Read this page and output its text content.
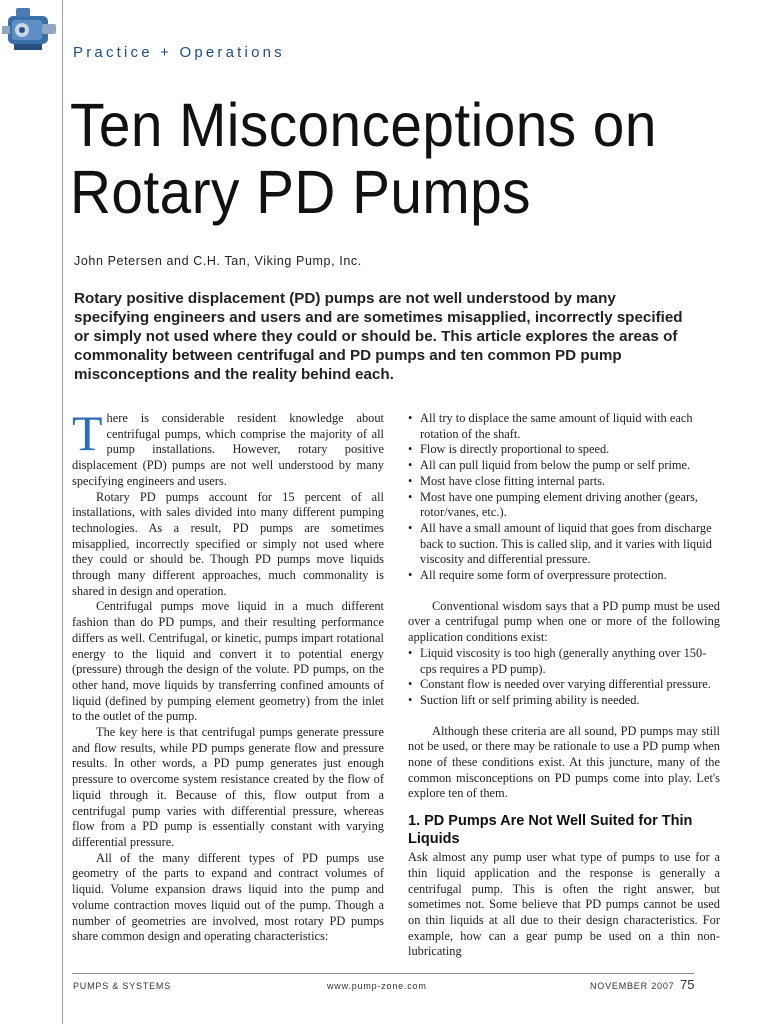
Practice + Operations
Ten Misconceptions on Rotary PD Pumps
John Petersen and C.H. Tan, Viking Pump, Inc.
Rotary positive displacement (PD) pumps are not well understood by many specifying engineers and users and are sometimes misapplied, incorrectly specified or simply not used where they could or should be. This article explores the areas of commonality between centrifugal and PD pumps and ten common PD pump misconceptions and the reality behind each.

There is considerable resident knowledge about centrifugal pumps, which comprise the majority of all pump installations. However, rotary positive displacement (PD) pumps are not well understood by many specifying engineers and users.

Rotary PD pumps account for 15 percent of all installations, with sales divided into many different pumping technologies. As a result, PD pumps are sometimes misapplied, incorrectly specified or simply not used where they could or should be. Though PD pumps move liquids through many different approaches, much commonality is shared in design and operation.

Centrifugal pumps move liquid in a much different fashion than do PD pumps, and their resulting performance differs as well. Centrifugal, or kinetic, pumps impart rotational energy to the liquid and convert it to potential energy (pressure) through the design of the volute. PD pumps, on the other hand, move liquids by transferring confined amounts of liquid (defined by pumping element geometry) from the inlet to the outlet of the pump.

The key here is that centrifugal pumps generate pressure and flow results, while PD pumps generate flow and pressure results. In other words, a PD pump generates just enough pressure to overcome system resistance created by the flow of liquid through it. Because of this, flow output from a centrifugal pump varies with differential pressure, whereas flow from a PD pump is essentially constant with varying differential pressure.

All of the many different types of PD pumps use geometry of the parts to expand and contract volumes of liquid. Volume expansion draws liquid into the pump and volume contraction moves liquid out of the pump. Though a number of geometries are involved, most rotary PD pumps share common design and operating characteristics:

• All try to displace the same amount of liquid with each rotation of the shaft.
• Flow is directly proportional to speed.
• All can pull liquid from below the pump or self prime.
• Most have close fitting internal parts.
• Most have one pumping element driving another (gears, rotor/vanes, etc.).
• All have a small amount of liquid that goes from discharge back to suction. This is called slip, and it varies with liquid viscosity and differential pressure.
• All require some form of overpressure protection.

Conventional wisdom says that a PD pump must be used over a centrifugal pump when one or more of the following application conditions exist:

• Liquid viscosity is too high (generally anything over 150-cps requires a PD pump).
• Constant flow is needed over varying differential pressure.
• Suction lift or self priming ability is needed.

Although these criteria are all sound, PD pumps may still not be used, or there may be rationale to use a PD pump when none of these conditions exist. At this juncture, many of the common misconceptions on PD pumps come into play. Let's explore ten of them.

1. PD Pumps Are Not Well Suited for Thin Liquids

Ask almost any pump user what type of pumps to use for a thin liquid application and the response is generally a centrifugal pump. This is often the right answer, but sometimes not. Some believe that PD pumps cannot be used on thin liquids at all due to their design characteristics. For example, how can a gear pump be used on a thin non-lubricating

PUMPS & SYSTEMS	www.pump-zone.com	NOVEMBER 2007 75
